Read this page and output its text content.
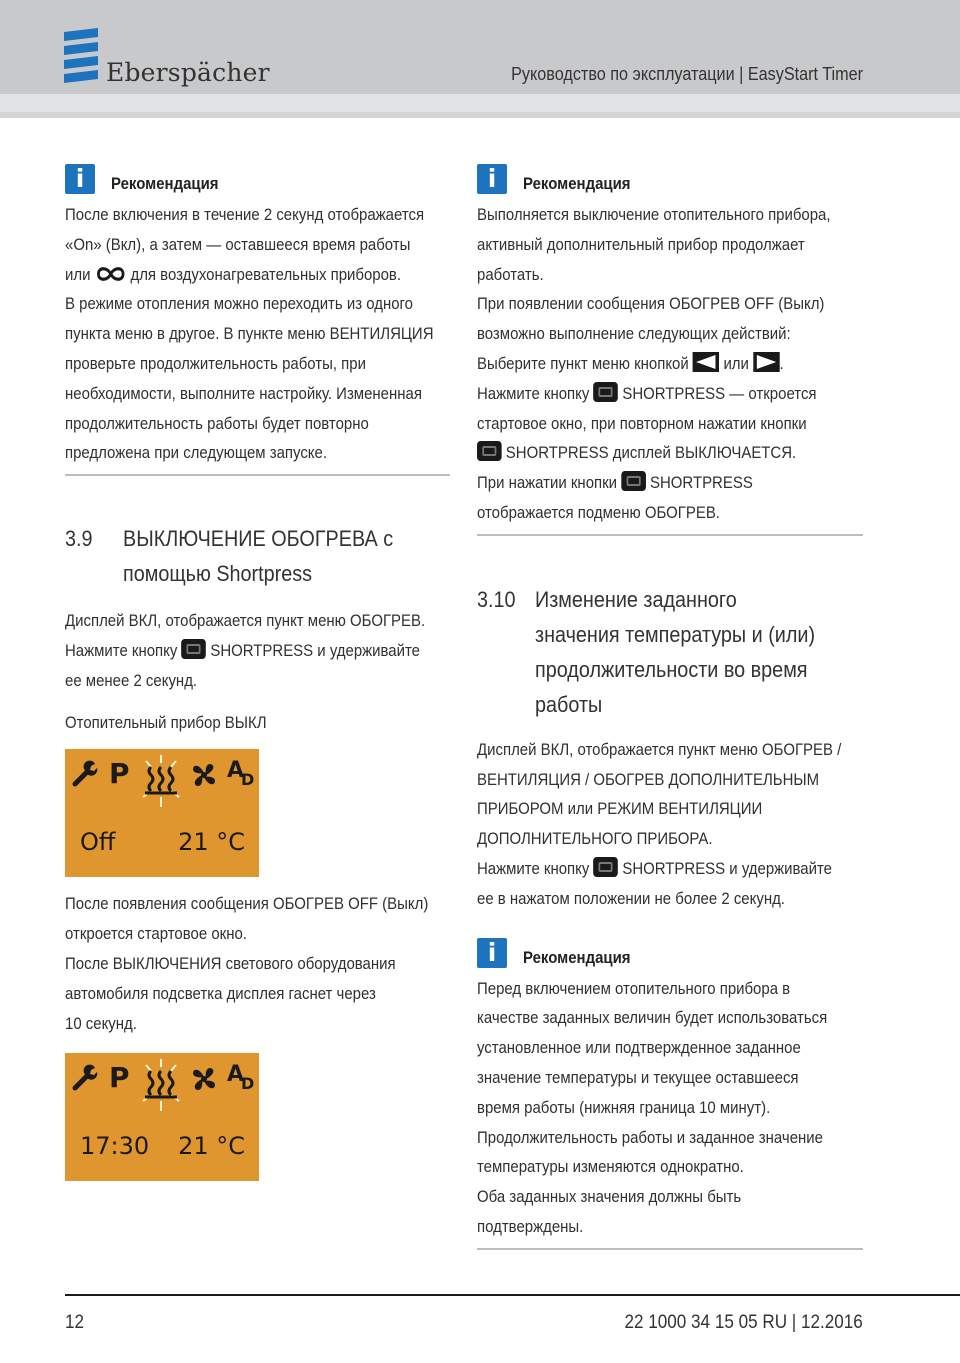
Eberspächer	Руководство по эксплуатации | EasyStart Timer
i	Рекомендация
После включения в течение 2 секунд отображается
«On» (Вкл), а затем — оставшееся время работы
или для воздухонагревательных приборов.
В режиме отопления можно переходить из одного
пункта меню в другое. В пункте меню ВЕНТИЛЯЦИЯ
проверьте продолжительность работы, при
необходимости, выполните настройку. Измененная
продолжительность работы будет повторно
предложена при следующем запуске.
3.9	ВЫКЛЮЧЕНИЕ ОБОГРЕВА с
помощью Shortpress
Дисплей ВКЛ, отображается пункт меню ОБОГРЕВ.
Нажмите кнопку SHORTPRESS и удерживайте
ее менее 2 секунд.
Отопительный прибор ВЫКЛ
P	A
D
Off	21 °C
После появления сообщения ОБОГРЕВ OFF (Выкл)
откроется стартовое окно.
После ВЫКЛЮЧЕНИЯ светового оборудования
автомобиля подсветка дисплея гаснет через
10 секунд.
P	A
D
17:30 21 °C
i	Рекомендация
Выполняется выключение отопительного прибора,
активный дополнительный прибор продолжает
работать.
При появлении сообщения ОБОГРЕВ OFF (Выкл)
возможно выполнение следующих действий:
Выберите пункт меню кнопкой или .
Нажмите кнопку SHORTPRESS — откроется
стартовое окно, при повторном нажатии кнопки
SHORTPRESS дисплей ВЫКЛЮЧАЕТСЯ.
При нажатии кнопки SHORTPRESS
отображается подменю ОБОГРЕВ.
3.10 Изменение заданного
значения температуры и (или)
продолжительности во время
работы
Дисплей ВКЛ, отображается пункт меню ОБОГРЕВ /
ВЕНТИЛЯЦИЯ / ОБОГРЕВ ДОПОЛНИТЕЛЬНЫМ
ПРИБОРОМ или РЕЖИМ ВЕНТИЛЯЦИИ
ДОПОЛНИТЕЛЬНОГО ПРИБОРА.
Нажмите кнопку SHORTPRESS и удерживайте
ее в нажатом положении не более 2 секунд.
i	Рекомендация
Перед включением отопительного прибора в
качестве заданных величин будет использоваться
установленное или подтвержденное заданное
значение температуры и текущее оставшееся
время работы (нижняя граница 10 минут).
Продолжительность работы и заданное значение
температуры изменяются однократно.
Оба заданных значения должны быть
подтверждены.
12	22 1000 34 15 05 RU | 12.2016
